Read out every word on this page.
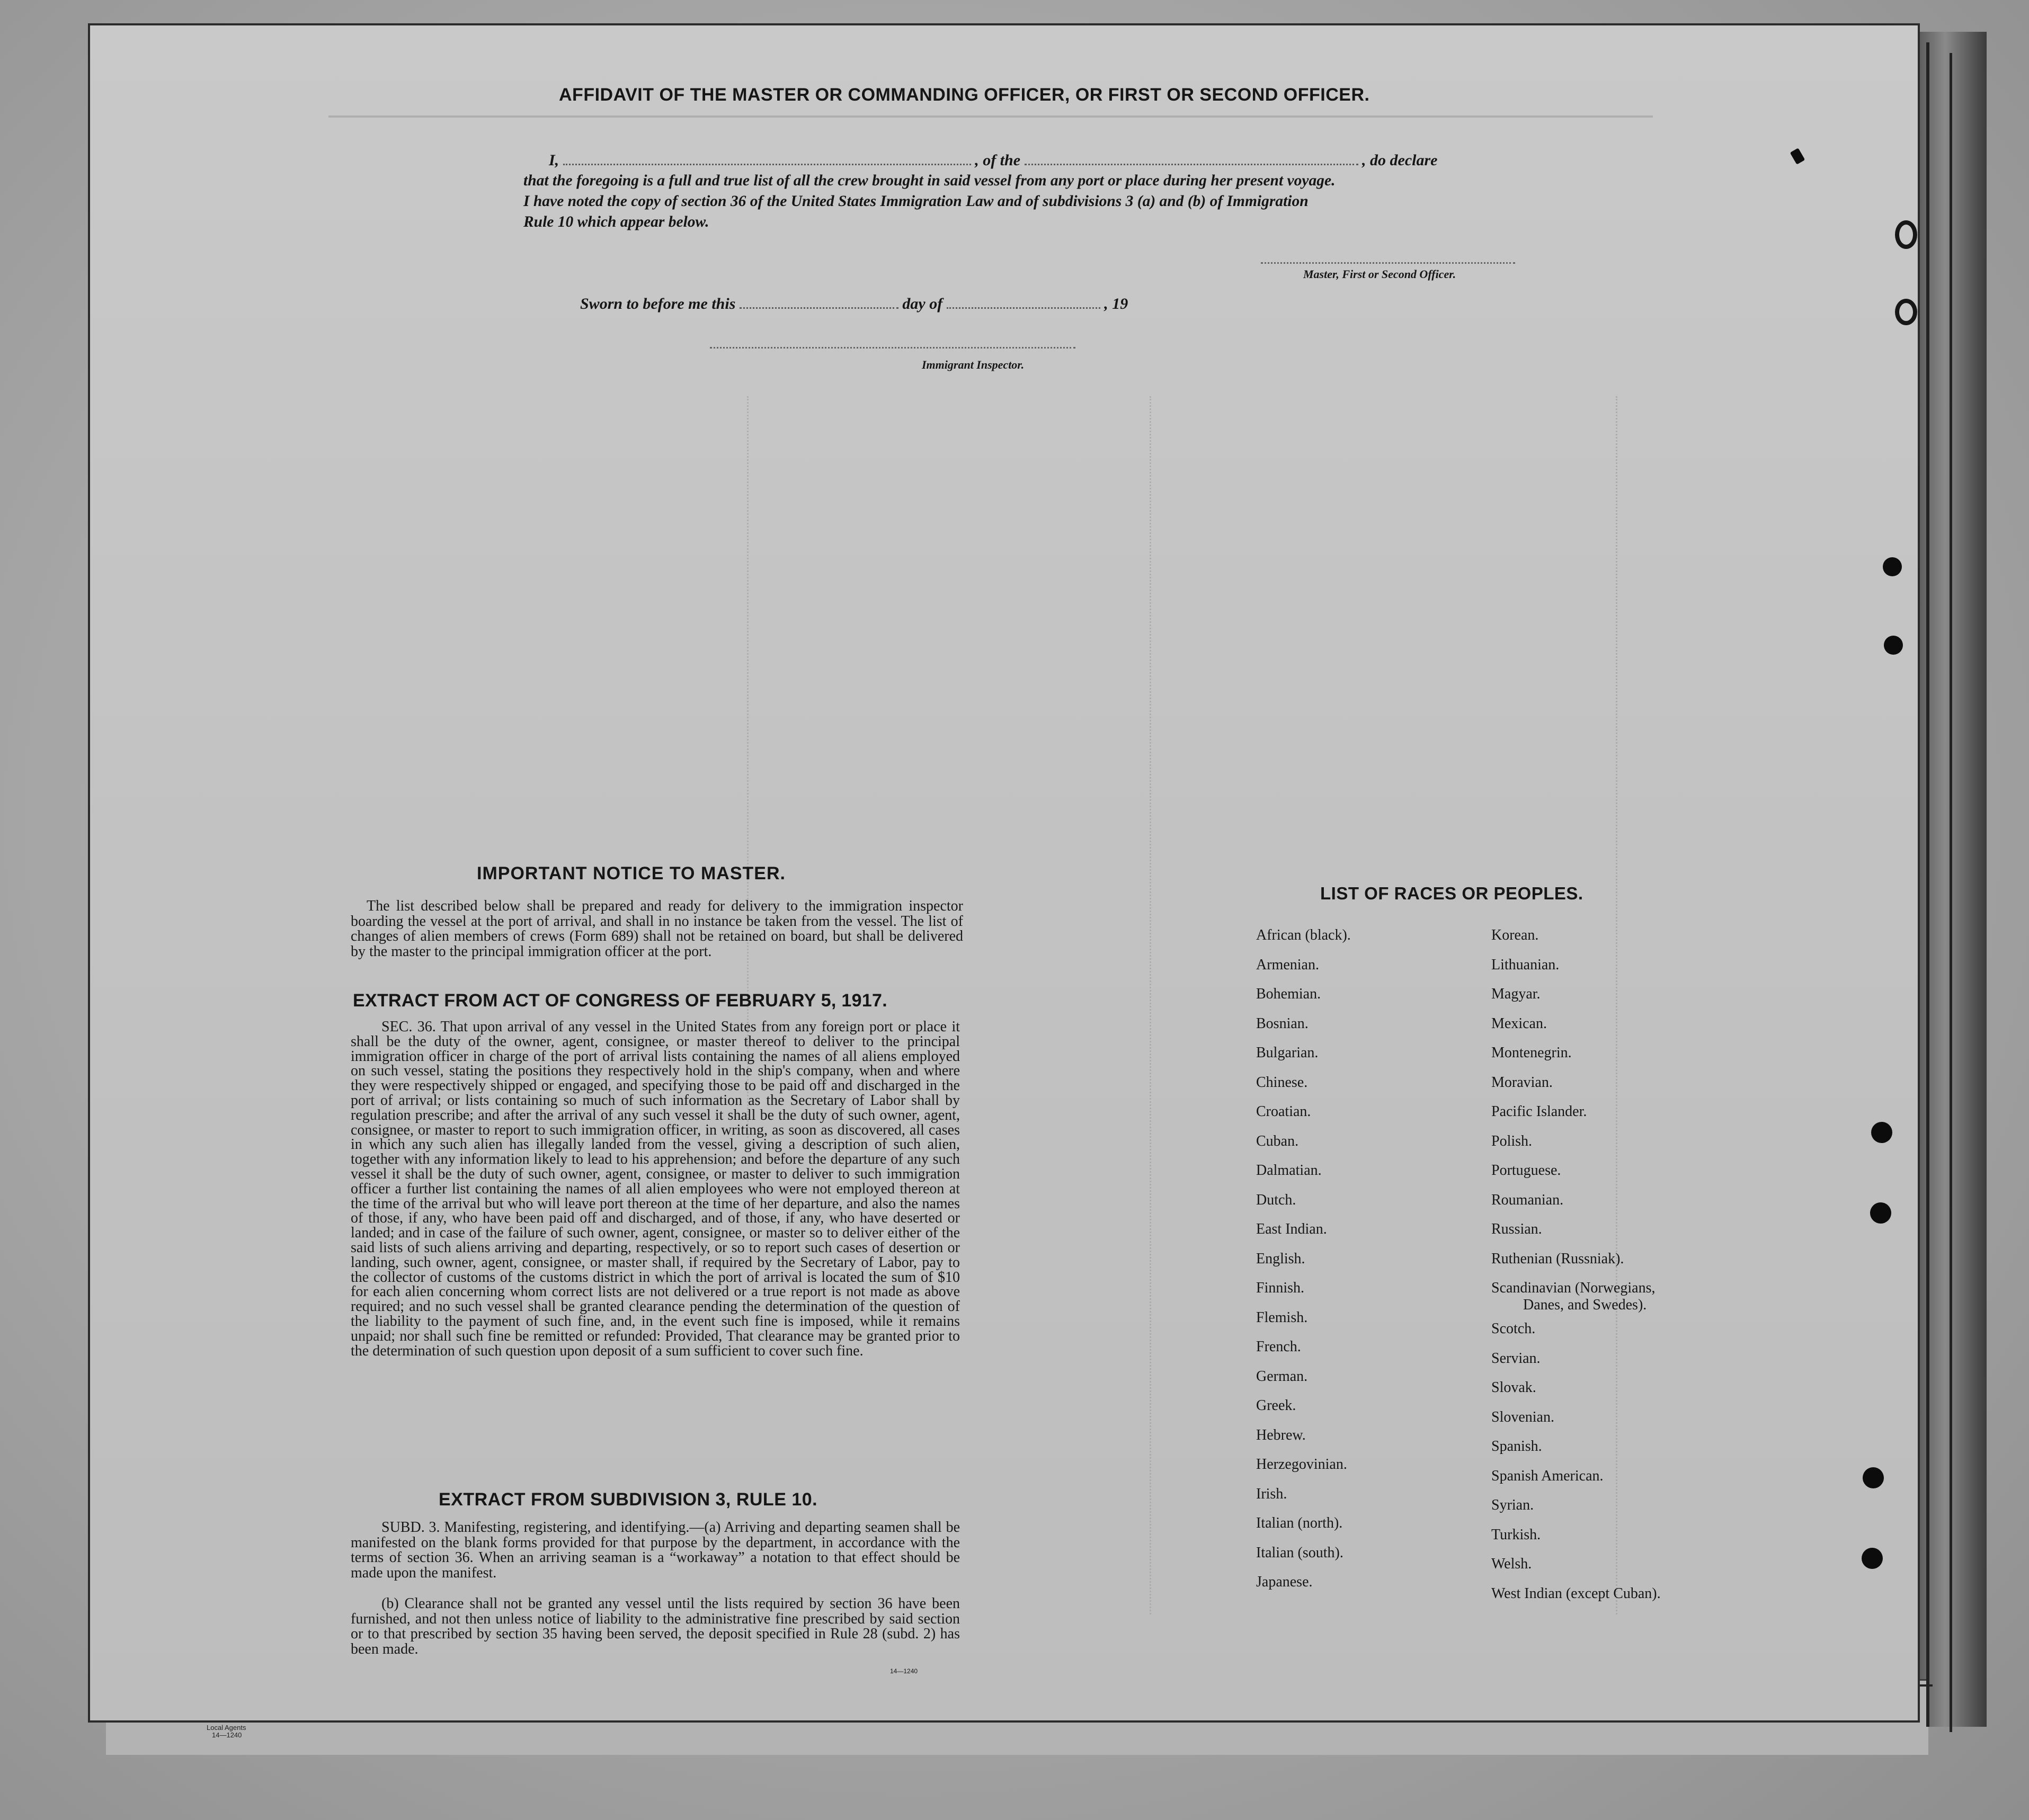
AFFIDAVIT OF THE MASTER OR COMMANDING OFFICER, OR FIRST OR SECOND OFFICER.
I,	, of the	, do declare
that the foregoing is a full and true list of all the crew brought in said vessel from any port or place during her present voyage.
I have noted the copy of section 36 of the United States Immigration Law and of subdivisions 3 (a) and (b) of Immigration
Rule 10 which appear below.
Master, First or Second Officer.
Sworn to before me this	day of	, 19
Immigrant Inspector.
IMPORTANT NOTICE TO MASTER.
The list described below shall be prepared and ready for delivery to the immigration inspector boarding the vessel at the port of arrival, and shall in no instance be taken from the vessel. The list of changes of alien members of crews (Form 689) shall not be retained on board, but shall be delivered by the master to the principal immigration officer at the port.
EXTRACT FROM ACT OF CONGRESS OF FEBRUARY 5, 1917.
SEC. 36. That upon arrival of any vessel in the United States from any foreign port or place it shall be the duty of the owner, agent, consignee, or master thereof to deliver to the principal immigration officer in charge of the port of arrival lists containing the names of all aliens employed on such vessel, stating the positions they respectively hold in the ship's company, when and where they were respectively shipped or engaged, and specifying those to be paid off and discharged in the port of arrival; or lists containing so much of such information as the Secretary of Labor shall by regulation prescribe; and after the arrival of any such vessel it shall be the duty of such owner, agent, consignee, or master to report to such immigration officer, in writing, as soon as discovered, all cases in which any such alien has illegally landed from the vessel, giving a description of such alien, together with any information likely to lead to his apprehension; and before the departure of any such vessel it shall be the duty of such owner, agent, consignee, or master to deliver to such immigration officer a further list containing the names of all alien employees who were not employed thereon at the time of the arrival but who will leave port thereon at the time of her departure, and also the names of those, if any, who have been paid off and discharged, and of those, if any, who have deserted or landed; and in case of the failure of such owner, agent, consignee, or master so to deliver either of the said lists of such aliens arriving and departing, respectively, or so to report such cases of desertion or landing, such owner, agent, consignee, or master shall, if required by the Secretary of Labor, pay to the collector of customs of the customs district in which the port of arrival is located the sum of $10 for each alien concerning whom correct lists are not delivered or a true report is not made as above required; and no such vessel shall be granted clearance pending the determination of the question of the liability to the payment of such fine, and, in the event such fine is imposed, while it remains unpaid; nor shall such fine be remitted or refunded: Provided, That clearance may be granted prior to the determination of such question upon deposit of a sum sufficient to cover such fine.
EXTRACT FROM SUBDIVISION 3, RULE 10.
SUBD. 3. Manifesting, registering, and identifying.—(a) Arriving and departing seamen shall be manifested on the blank forms provided for that purpose by the department, in accordance with the terms of section 36. When an arriving seaman is a “workaway” a notation to that effect should be made upon the manifest.
(b) Clearance shall not be granted any vessel until the lists required by section 36 have been furnished, and not then unless notice of liability to the administrative fine prescribed by said section or to that prescribed by section 35 having been served, the deposit specified in Rule 28 (subd. 2) has been made.
14—1240
Local Agents
14—1240
LIST OF RACES OR PEOPLES.
African (black).
Armenian.
Bohemian.
Bosnian.
Bulgarian.
Chinese.
Croatian.
Cuban.
Dalmatian.
Dutch.
East Indian.
English.
Finnish.
Flemish.
French.
German.
Greek.
Hebrew.
Herzegovinian.
Irish.
Italian (north).
Italian (south).
Japanese.
Korean.
Lithuanian.
Magyar.
Mexican.
Montenegrin.
Moravian.
Pacific Islander.
Polish.
Portuguese.
Roumanian.
Russian.
Ruthenian (Russniak).
Scandinavian (Norwegians,
Danes, and Swedes).
Scotch.
Servian.
Slovak.
Slovenian.
Spanish.
Spanish American.
Syrian.
Turkish.
Welsh.
West Indian (except Cuban).
